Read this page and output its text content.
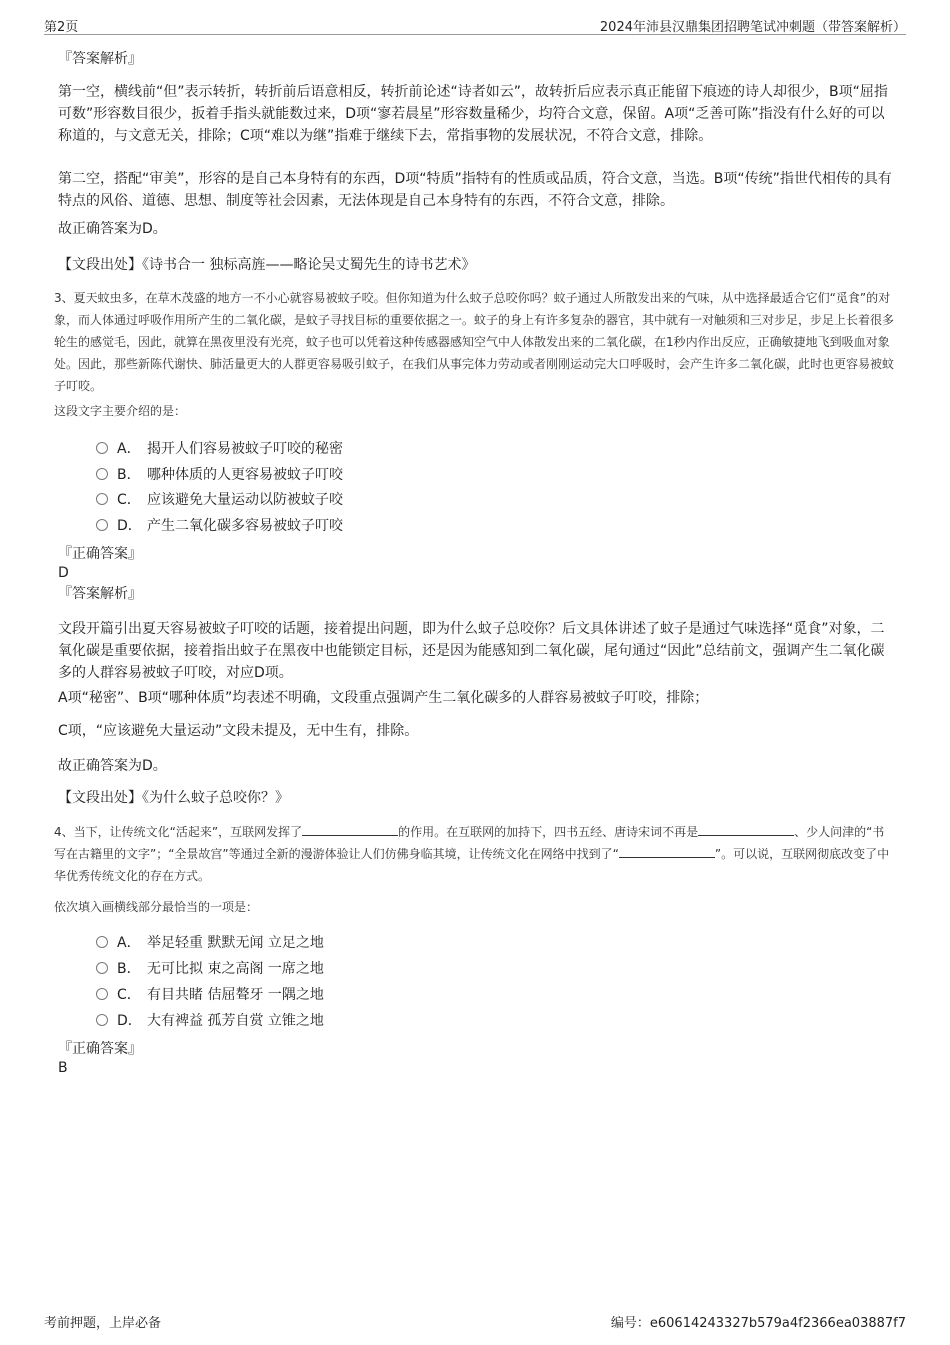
第2页	2024年沛县汉鼎集团招聘笔试冲刺题（带答案解析）
『答案解析』
第一空，横线前“但”表示转折，转折前后语意相反，转折前论述“诗者如云”，故转折后应表示真正能留下痕迹的诗人却很少，B项“屈指可数”形容数目很少，扳着手指头就能数过来，D项“寥若晨星”形容数量稀少，均符合文意，保留。A项“乏善可陈”指没有什么好的可以称道的，与文意无关，排除；C项“难以为继”指难于继续下去，常指事物的发展状况，不符合文意，排除。
第二空，搭配“审美”，形容的是自己本身特有的东西，D项“特质”指特有的性质或品质，符合文意，当选。B项“传统”指世代相传的具有特点的风俗、道德、思想、制度等社会因素，无法体现是自己本身特有的东西，不符合文意，排除。
故正确答案为D。
【文段出处】《诗书合一 独标高旌——略论吴丈蜀先生的诗书艺术》
3、夏天蚊虫多，在草木茂盛的地方一不小心就容易被蚊子咬。但你知道为什么蚊子总咬你吗？蚊子通过人所散发出来的气味，从中选择最适合它们“觅食”的对象，而人体通过呼吸作用所产生的二氧化碳，是蚊子寻找目标的重要依据之一。蚊子的身上有许多复杂的器官，其中就有一对触须和三对步足，步足上长着很多轮生的感觉毛，因此，就算在黑夜里没有光亮，蚊子也可以凭着这种传感器感知空气中人体散发出来的二氧化碳，在1秒内作出反应，正确敏捷地飞到吸血对象处。因此，那些新陈代谢快、肺活量更大的人群更容易吸引蚊子，在我们从事完体力劳动或者刚刚运动完大口呼吸时，会产生许多二氧化碳，此时也更容易被蚊子叮咬。
这段文字主要介绍的是：
A． 揭开人们容易被蚊子叮咬的秘密
B． 哪种体质的人更容易被蚊子叮咬
C． 应该避免大量运动以防被蚊子咬
D． 产生二氧化碳多容易被蚊子叮咬
『正确答案』
D
『答案解析』
文段开篇引出夏天容易被蚊子叮咬的话题，接着提出问题，即为什么蚊子总咬你？后文具体讲述了蚊子是通过气味选择“觅食”对象，二氧化碳是重要依据，接着指出蚊子在黑夜中也能锁定目标，还是因为能感知到二氧化碳，尾句通过“因此”总结前文，强调产生二氧化碳多的人群容易被蚊子叮咬，对应D项。
A项“秘密”、B项“哪种体质”均表述不明确，文段重点强调产生二氧化碳多的人群容易被蚊子叮咬，排除；
C项，“应该避免大量运动”文段未提及，无中生有，排除。
故正确答案为D。
【文段出处】《为什么蚊子总咬你？》
4、当下，让传统文化“活起来”，互联网发挥了	的作用。在互联网的加持下，四书五经、唐诗宋词不再是	、少人问津的“书写在古籍里的文字”；“全景故宫”等通过全新的漫游体验让人们仿佛身临其境，让传统文化在网络中找到了“	”。可以说，互联网彻底改变了中华优秀传统文化的存在方式。
依次填入画横线部分最恰当的一项是：
A． 举足轻重 默默无闻 立足之地
B． 无可比拟 束之高阁 一席之地
C． 有目共睹 佶屈聱牙 一隅之地
D． 大有裨益 孤芳自赏 立锥之地
『正确答案』
B
考前押题，上岸必备	编号：e60614243327b579a4f2366ea03887f7
